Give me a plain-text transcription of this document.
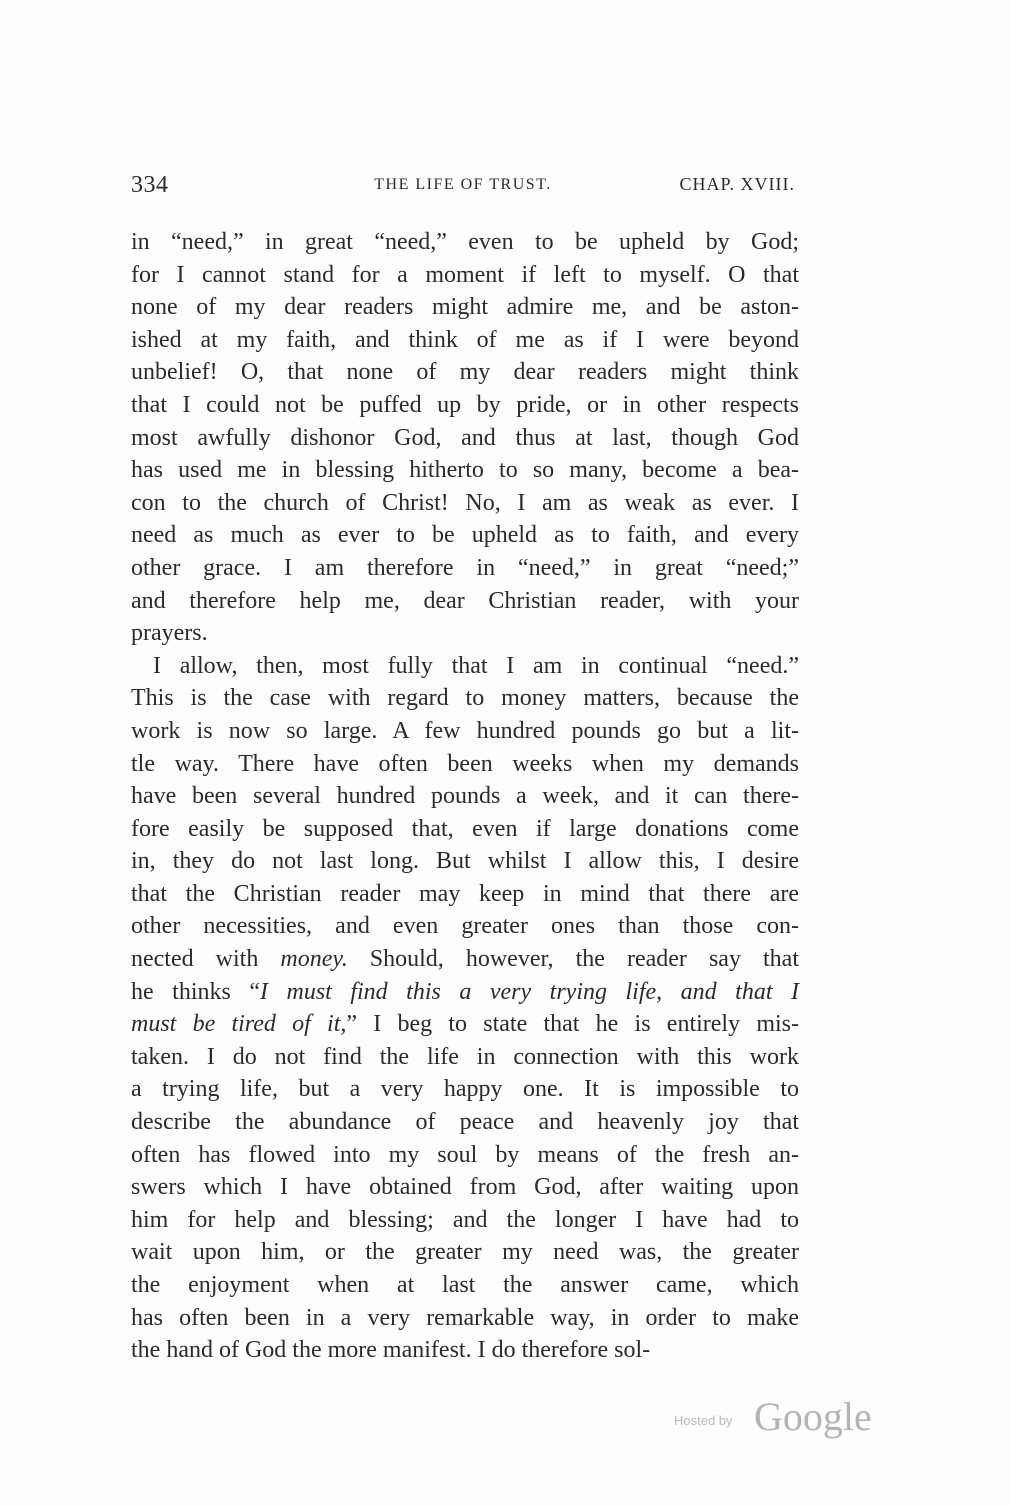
334	THE LIFE OF TRUST.	CHAP. XVIII.
in “need,” in great “need,” even to be upheld by God;
for I cannot stand for a moment if left to myself. O that
none of my dear readers might admire me, and be aston-
ished at my faith, and think of me as if I were beyond
unbelief! O, that none of my dear readers might think
that I could not be puffed up by pride, or in other respects
most awfully dishonor God, and thus at last, though God
has used me in blessing hitherto to so many, become a bea-
con to the church of Christ! No, I am as weak as ever. I
need as much as ever to be upheld as to faith, and every
other grace. I am therefore in “need,” in great “need;”
and therefore help me, dear Christian reader, with your
prayers.
I allow, then, most fully that I am in continual “need.”
This is the case with regard to money matters, because the
work is now so large. A few hundred pounds go but a lit-
tle way. There have often been weeks when my demands
have been several hundred pounds a week, and it can there-
fore easily be supposed that, even if large donations come
in, they do not last long. But whilst I allow this, I desire
that the Christian reader may keep in mind that there are
other necessities, and even greater ones than those con-
nected with money. Should, however, the reader say that
he thinks “I must find this a very trying life, and that I
must be tired of it,” I beg to state that he is entirely mis-
taken. I do not find the life in connection with this work
a trying life, but a very happy one. It is impossible to
describe the abundance of peace and heavenly joy that
often has flowed into my soul by means of the fresh an-
swers which I have obtained from God, after waiting upon
him for help and blessing; and the longer I have had to
wait upon him, or the greater my need was, the greater
the enjoyment when at last the answer came, which
has often been in a very remarkable way, in order to make
the hand of God the more manifest. I do therefore sol-
Hosted by Google
